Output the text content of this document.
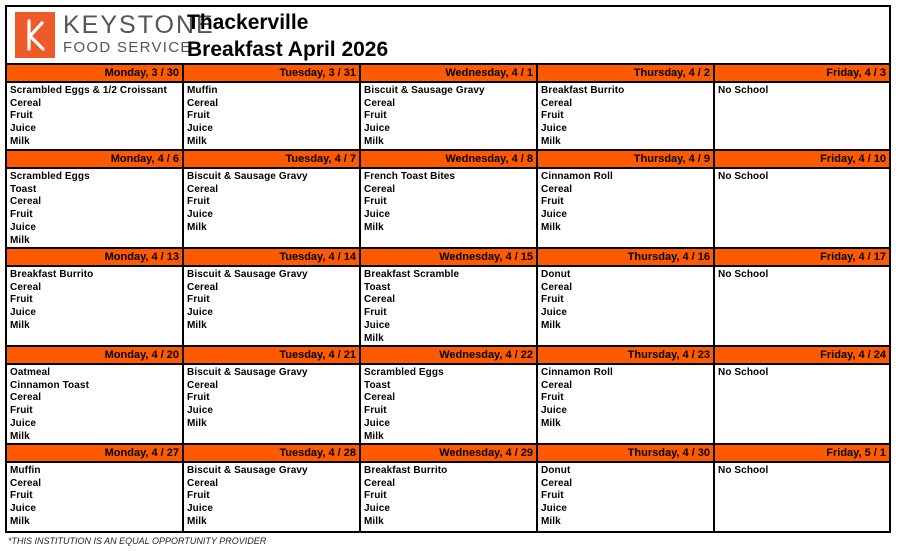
KEYSTONE
FOOD SERVICE
Thackerville
Breakfast April 2026
Monday, 3 / 30
Scrambled Eggs & 1/2 Croissant
Cereal
Fruit
Juice
Milk
Tuesday, 3 / 31
Muffin
Cereal
Fruit
Juice
Milk
Wednesday, 4 / 1
Biscuit & Sausage Gravy
Cereal
Fruit
Juice
Milk
Thursday, 4 / 2
Breakfast Burrito
Cereal
Fruit
Juice
Milk
Friday, 4 / 3
No School
Monday, 4 / 6
Scrambled Eggs
Toast
Cereal
Fruit
Juice
Milk
Tuesday, 4 / 7
Biscuit & Sausage Gravy
Cereal
Fruit
Juice
Milk
Wednesday, 4 / 8
French Toast Bites
Cereal
Fruit
Juice
Milk
Thursday, 4 / 9
Cinnamon Roll
Cereal
Fruit
Juice
Milk
Friday, 4 / 10
No School
Monday, 4 / 13
Breakfast Burrito
Cereal
Fruit
Juice
Milk
Tuesday, 4 / 14
Biscuit & Sausage Gravy
Cereal
Fruit
Juice
Milk
Wednesday, 4 / 15
Breakfast Scramble
Toast
Cereal
Fruit
Juice
Milk
Thursday, 4 / 16
Donut
Cereal
Fruit
Juice
Milk
Friday, 4 / 17
No School
Monday, 4 / 20
Oatmeal
Cinnamon Toast
Cereal
Fruit
Juice
Milk
Tuesday, 4 / 21
Biscuit & Sausage Gravy
Cereal
Fruit
Juice
Milk
Wednesday, 4 / 22
Scrambled Eggs
Toast
Cereal
Fruit
Juice
Milk
Thursday, 4 / 23
Cinnamon Roll
Cereal
Fruit
Juice
Milk
Friday, 4 / 24
No School
Monday, 4 / 27
Muffin
Cereal
Fruit
Juice
Milk
Tuesday, 4 / 28
Biscuit & Sausage Gravy
Cereal
Fruit
Juice
Milk
Wednesday, 4 / 29
Breakfast Burrito
Cereal
Fruit
Juice
Milk
Thursday, 4 / 30
Donut
Cereal
Fruit
Juice
Milk
Friday, 5 / 1
No School
*THIS INSTITUTION IS AN EQUAL OPPORTUNITY PROVIDER
